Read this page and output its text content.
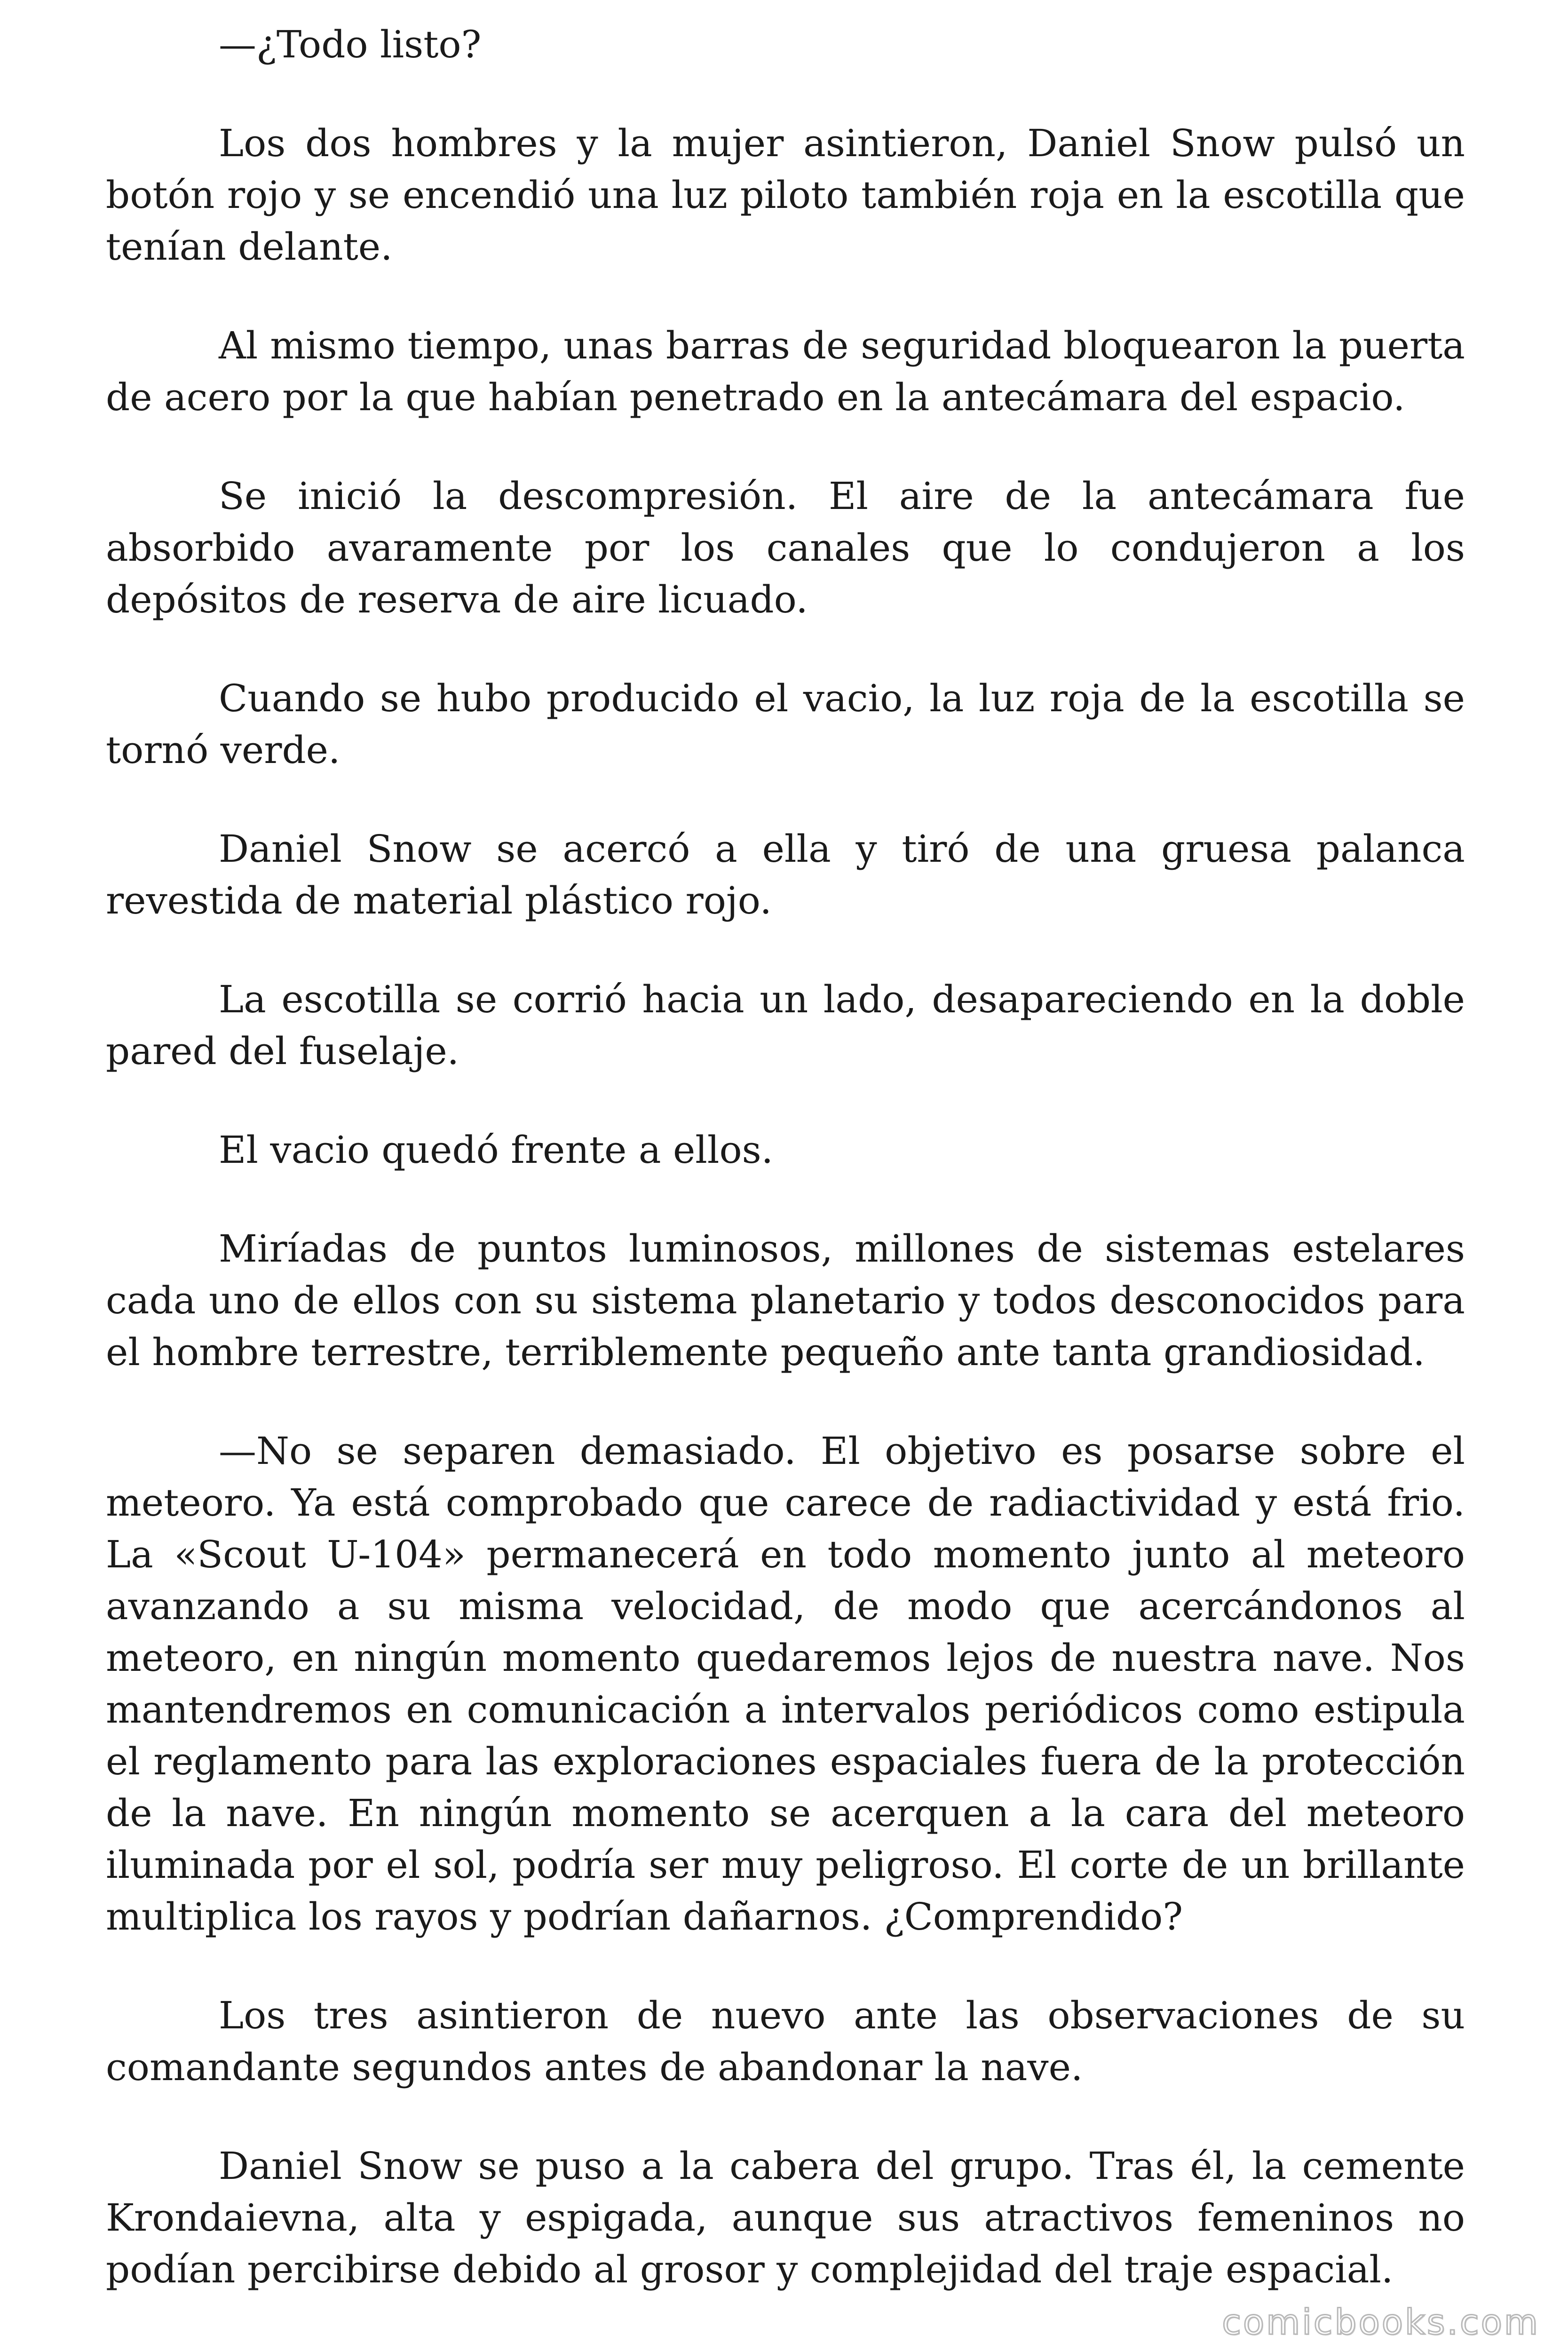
—¿Todo listo?

Los dos hombres y la mujer asintieron, Daniel Snow pulsó un botón rojo y se encendió una luz piloto también roja en la escotilla que tenían delante.

Al mismo tiempo, unas barras de seguridad bloquearon la puerta de acero por la que habían penetrado en la antecámara del espacio.

Se inició la descompresión. El aire de la antecámara fue absorbido avaramente por los canales que lo condujeron a los depósitos de reserva de aire licuado.

Cuando se hubo producido el vacio, la luz roja de la escotilla se tornó verde.

Daniel Snow se acercó a ella y tiró de una gruesa palanca revestida de material plástico rojo.

La escotilla se corrió hacia un lado, desapareciendo en la doble pared del fuselaje.

El vacio quedó frente a ellos.

Miríadas de puntos luminosos, millones de sistemas estelares cada uno de ellos con su sistema planetario y todos desconocidos para el hombre terrestre, terriblemente pequeño ante tanta grandiosidad.

—No se separen demasiado. El objetivo es posarse sobre el meteoro. Ya está comprobado que carece de radiactividad y está frio. La «Scout U-104» permanecerá en todo momento junto al meteoro avanzando a su misma velocidad, de modo que acercándonos al meteoro, en ningún momento quedaremos lejos de nuestra nave. Nos mantendremos en comunicación a intervalos periódicos como estipula el reglamento para las exploraciones espaciales fuera de la protección de la nave. En ningún momento se acerquen a la cara del meteoro iluminada por el sol, podría ser muy peligroso. El corte de un brillante multiplica los rayos y podrían dañarnos. ¿Comprendido?

Los tres asintieron de nuevo ante las observaciones de su comandante segundos antes de abandonar la nave.

Daniel Snow se puso a la cabera del grupo. Tras él, la cemente Krondaievna, alta y espigada, aunque sus atractivos femeninos no podían percibirse debido al grosor y complejidad del traje espacial.

comicbooks.com
